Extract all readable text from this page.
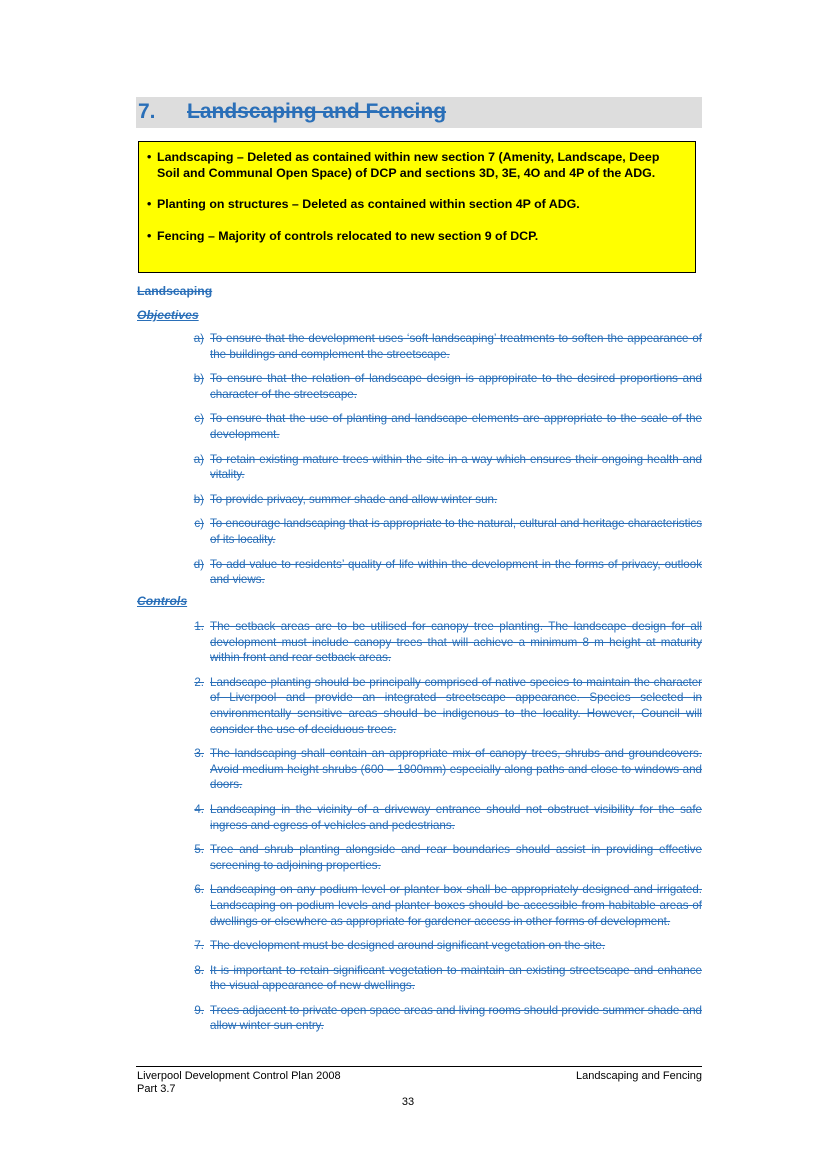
7. Landscaping and Fencing
• Landscaping – Deleted as contained within new section 7 (Amenity, Landscape, Deep Soil and Communal Open Space) of DCP and sections 3D, 3E, 4O and 4P of the ADG.
• Planting on structures – Deleted as contained within section 4P of ADG.
• Fencing – Majority of controls relocated to new section 9 of DCP.
Landscaping
Objectives
a) To ensure that the development uses ‘soft landscaping’ treatments to soften the appearance of the buildings and complement the streetscape.
b) To ensure that the relation of landscape design is appropirate to the desired proportions and character of the streetscape.
c) To ensure that the use of planting and landscape elements are appropriate to the scale of the development.
a) To retain existing mature trees within the site in a way which ensures their ongoing health and vitality.
b) To provide privacy, summer shade and allow winter sun.
c) To encourage landscaping that is appropriate to the natural, cultural and heritage characteristics of its locality.
d) To add value to residents’ quality of life within the development in the forms of privacy, outlook and views.
Controls
1. The setback areas are to be utilised for canopy tree planting. The landscape design for all development must include canopy trees that will achieve a minimum 8 m height at maturity within front and rear setback areas.
2. Landscape planting should be principally comprised of native species to maintain the character of Liverpool and provide an integrated streetscape appearance. Species selected in environmentally sensitive areas should be indigenous to the locality. However, Council will consider the use of deciduous trees.
3. The landscaping shall contain an appropriate mix of canopy trees, shrubs and groundcovers. Avoid medium height shrubs (600 – 1800mm) especially along paths and close to windows and doors.
4. Landscaping in the vicinity of a driveway entrance should not obstruct visibility for the safe ingress and egress of vehicles and pedestrians.
5. Tree and shrub planting alongside and rear boundaries should assist in providing effective screening to adjoining properties.
6. Landscaping on any podium level or planter box shall be appropriately designed and irrigated. Landscaping on podium levels and planter boxes should be accessible from habitable areas of dwellings or elsewhere as appropriate for gardener access in other forms of development.
7. The development must be designed around significant vegetation on the site.
8. It is important to retain significant vegetation to maintain an existing streetscape and enhance the visual appearance of new dwellings.
9. Trees adjacent to private open space areas and living rooms should provide summer shade and allow winter sun entry.
Liverpool Development Control Plan 2008
Part 3.7
Landscaping and Fencing
33
